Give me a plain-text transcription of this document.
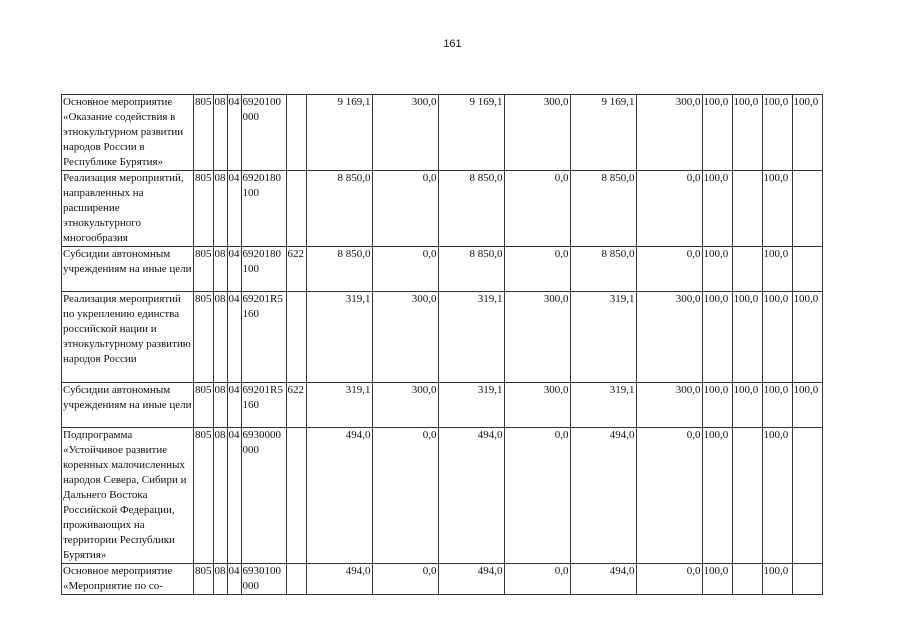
161
Основное мероприятие «Оказание содействия в этнокультурном развитии народов России в Республике Бурятия»	805	08	04	6920100000		9 169,1	300,0	9 169,1	300,0	9 169,1	300,0	100,0	100,0	100,0	100,0
Реализация мероприятий, направленных на расширение этнокультурного многообразия	805	08	04	6920180100		8 850,0	0,0	8 850,0	0,0	8 850,0	0,0	100,0		100,0	
Субсидии автономным учреждениям на иные цели	805	08	04	6920180100	622	8 850,0	0,0	8 850,0	0,0	8 850,0	0,0	100,0		100,0	
Реализация мероприятий по укреплению единства российской нации и этнокультурному развитию народов России	805	08	04	69201R5160		319,1	300,0	319,1	300,0	319,1	300,0	100,0	100,0	100,0	100,0
Субсидии автономным учреждениям на иные цели	805	08	04	69201R5160	622	319,1	300,0	319,1	300,0	319,1	300,0	100,0	100,0	100,0	100,0
Подпрограмма «Устойчивое развитие коренных малочисленных народов Севера, Сибири и Дальнего Востока Российской Федерации, проживающих на территории Республики Бурятия»	805	08	04	6930000000		494,0	0,0	494,0	0,0	494,0	0,0	100,0		100,0	
Основное мероприятие «Мероприятие по со-	805	08	04	6930100000		494,0	0,0	494,0	0,0	494,0	0,0	100,0		100,0	
